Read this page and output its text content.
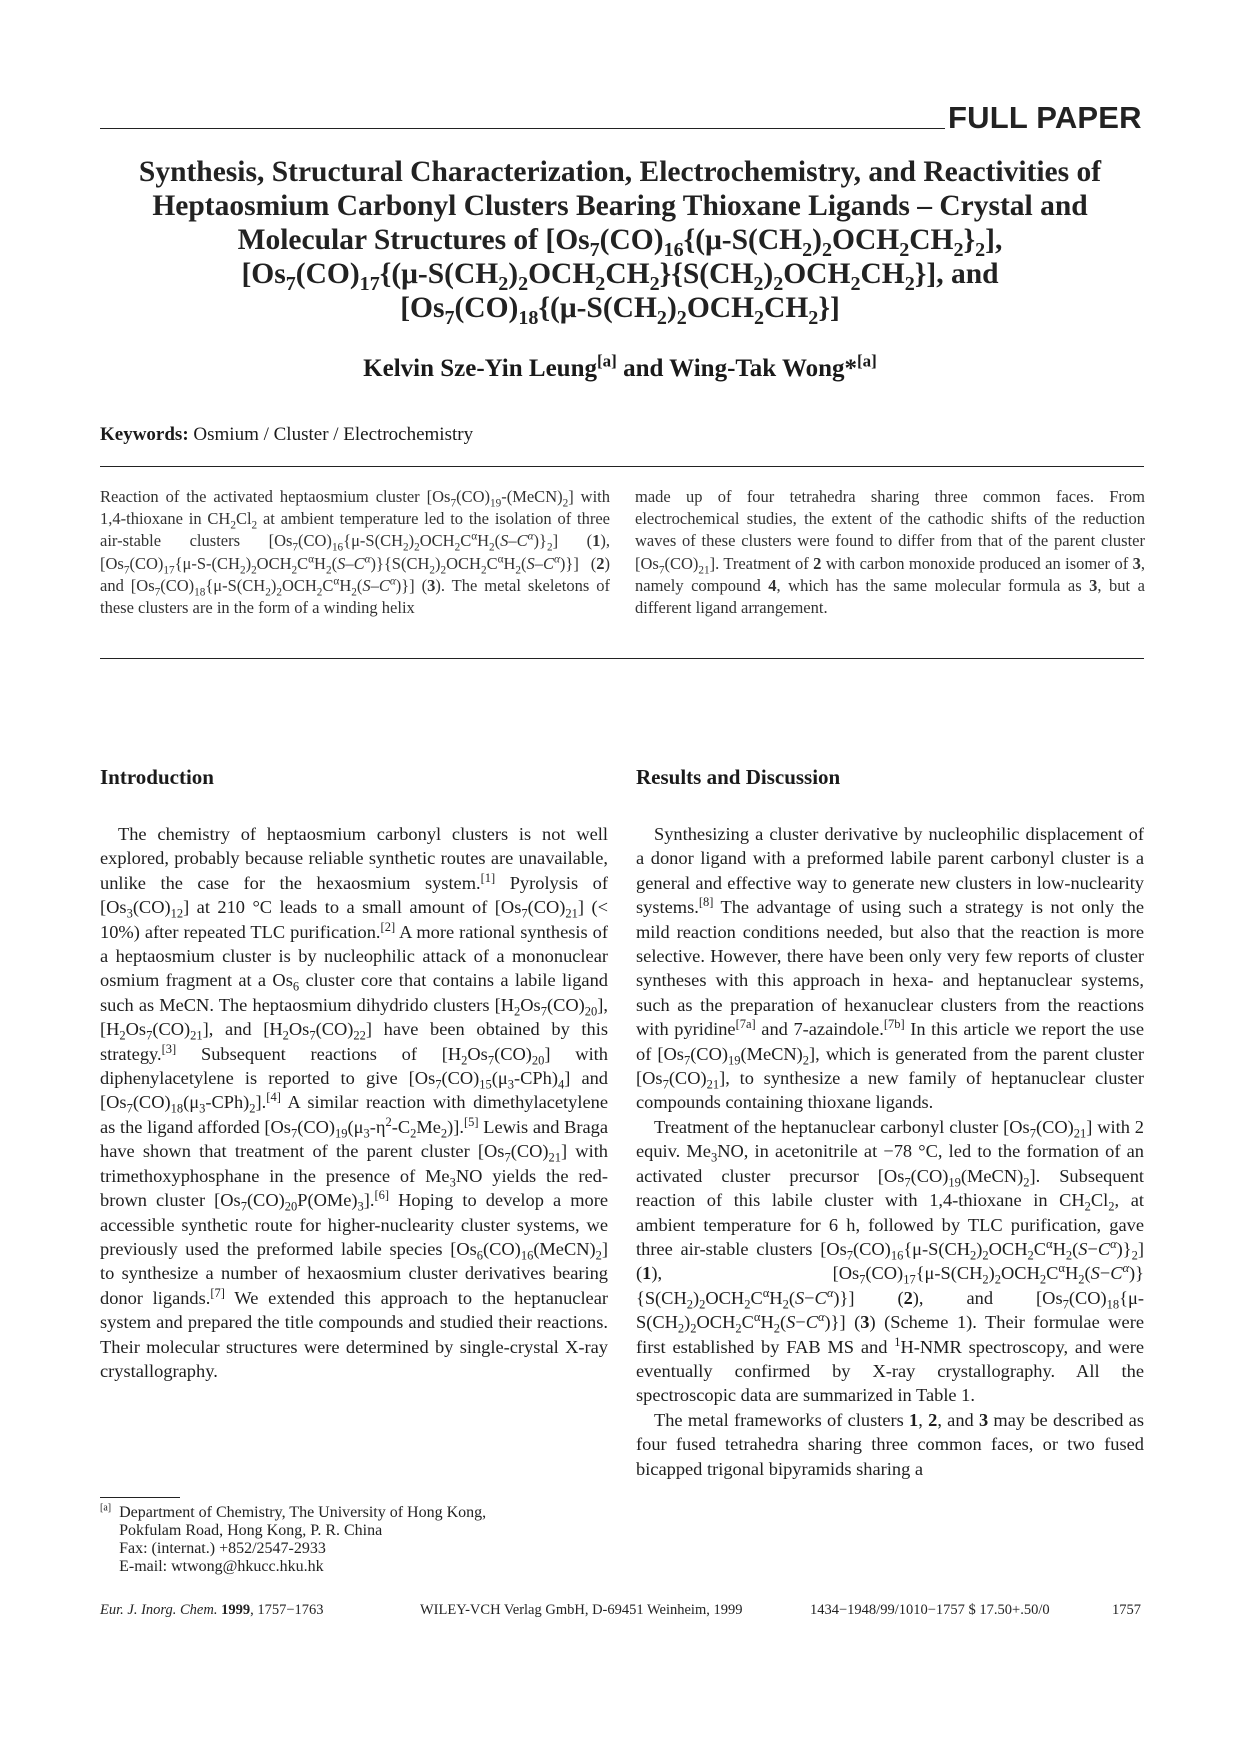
FULL PAPER
Synthesis, Structural Characterization, Electrochemistry, and Reactivities of
Heptaosmium Carbonyl Clusters Bearing Thioxane Ligands – Crystal and
Molecular Structures of [$Os_7(CO)_{16}\{(\mu-S(CH_2)_2OCH_2CH_2\}_2]$,
[$Os_7(CO)_{17}\{(\mu-S(CH_2)_2OCH_2CH_2\}\{S(CH_2)_2OCH_2CH_2\}]$, and
[$Os_7(CO)_{18}\{(\mu-S(CH_2)_2OCH_2CH_2\}]$
Kelvin Sze-Yin Leung[a] and Wing-Tak Wong*[a]
Keywords: Osmium / Cluster / Electrochemistry
Reaction of the activated heptaosmium cluster $[Os_7(CO)_{19}-(MeCN)_2]$ with 1,4-thioxane in $CH_2Cl_2$ at ambient temperature led to the isolation of three air-stable clusters $[Os_7(CO)_{16}\{\mu-S(CH_2)_2OCH_2C^\alpha H_2(S-C^\alpha)\}_2]$ (1), $[Os_7(CO)_{17}\{\mu-S-(CH_2)_2OCH_2C^\alpha H_2(S-C^\alpha)\}\{S(CH_2)_2OCH_2C^\alpha H_2(S-C^\alpha)\}]$ (2) and $[Os_7(CO)_{18}\{\mu-S(CH_2)_2OCH_2C^\alpha H_2(S-C^\alpha)\}]$ (3). The metal skeletons of these clusters are in the form of a winding helix
made up of four tetrahedra sharing three common faces. From electrochemical studies, the extent of the cathodic shifts of the reduction waves of these clusters were found to differ from that of the parent cluster $[Os_7(CO)_{21}]$. Treatment of 2 with carbon monoxide produced an isomer of 3, namely compound 4, which has the same molecular formula as 3, but a different ligand arrangement.
Introduction	Results and Discussion

The chemistry of heptaosmium carbonyl clusters is not well explored, probably because reliable synthetic routes are unavailable, unlike the case for the hexaosmium system.[1] Pyrolysis of $[Os_3(CO)_{12}]$ at 210 °C leads to a small amount of $[Os_7(CO)_{21}]$ (< 10%) after repeated TLC purification.[2] A more rational synthesis of a heptaosmium cluster is by nucleophilic attack of a mononuclear osmium fragment at a $Os_6$ cluster core that contains a labile ligand such as MeCN. The heptaosmium dihydrido clusters $[H_2Os_7(CO)_{20}]$, $[H_2Os_7(CO)_{21}]$, and $[H_2Os_7(CO)_{22}]$ have been obtained by this strategy.[3] Subsequent reactions of $[H_2Os_7(CO)_{20}]$ with diphenylacetylene is reported to give $[Os_7(CO)_{15}(\mu_3-CPh)_4]$ and $[Os_7(CO)_{18}(\mu_3-CPh)_2].[4]$ A similar reaction with dimethylacetylene as the ligand afforded $[Os_7(CO)_{19}(\mu_3-\eta^2-C_2Me_2)].[5]$ Lewis and Braga have shown that treatment of the parent cluster $[Os_7(CO)_{21}]$ with trimethoxyphosphane in the presence of $Me_3NO$ yields the red-brown cluster $[Os_7(CO)_{20}P(OMe)_3].[6]$ Hoping to develop a more accessible synthetic route for higher-nuclearity cluster systems, we previously used the preformed labile species $[Os_6(CO)_{16}(MeCN)_2]$ to synthesize a number of hexaosmium cluster derivatives bearing donor ligands.[7] We extended this approach to the heptanuclear system and prepared the title compounds and studied their reactions. Their molecular structures were determined by single-crystal X-ray crystallography.

Synthesizing a cluster derivative by nucleophilic displacement of a donor ligand with a preformed labile parent carbonyl cluster is a general and effective way to generate new clusters in low-nuclearity systems.[8] The advantage of using such a strategy is not only the mild reaction conditions needed, but also that the reaction is more selective. However, there have been only very few reports of cluster syntheses with this approach in hexa- and heptanuclear systems, such as the preparation of hexanuclear clusters from the reactions with pyridine[7a] and 7-azaindole.[7b] In this article we report the use of $[Os_7(CO)_{19}(MeCN)_2]$, which is generated from the parent cluster $[Os_7(CO)_{21}]$, to synthesize a new family of heptanuclear cluster compounds containing thioxane ligands.

Treatment of the heptanuclear carbonyl cluster $[Os_7(CO)_{21}]$ with 2 equiv. $Me_3NO$, in acetonitrile at −78 °C, led to the formation of an activated cluster precursor $[Os_7(CO)_{19}(MeCN)_2]$. Subsequent reaction of this labile cluster with 1,4-thioxane in $CH_2Cl_2$, at ambient temperature for 6 h, followed by TLC purification, gave three air-stable clusters $[Os_7(CO)_{16}\{\mu-S(CH_2)_2OCH_2C^\alpha H_2(S-C^\alpha)\}_2]$ (1), $[Os_7(CO)_{17}\{\mu-S(CH_2)_2OCH_2C^\alpha H_2(S-C^\alpha)\}\{S(CH_2)_2OCH_2C^\alpha H_2(S-C^\alpha)\}]$ (2), and $[Os_7(CO)_{18}\{\mu-S(CH_2)_2OCH_2C^\alpha H_2(S-C^\alpha)\}]$ (3) (Scheme 1). Their formulae were first established by FAB MS and $^1$H-NMR spectroscopy, and were eventually confirmed by X-ray crystallography. All the spectroscopic data are summarized in Table 1.

The metal frameworks of clusters 1, 2, and 3 may be described as four fused tetrahedra sharing three common faces, or two fused bicapped trigonal bipyramids sharing a

[a] Department of Chemistry, The University of Hong Kong,
Pokfulam Road, Hong Kong, P. R. China
Fax: (internat.) +852/2547-2933
E-mail: wtwong@hkucc.hku.hk
Eur. J. Inorg. Chem. 1999, 1757−1763	WILEY-VCH Verlag GmbH, D-69451 Weinheim, 1999	1434−1948/99/1010−1757 $ 17.50+.50/0	1757
